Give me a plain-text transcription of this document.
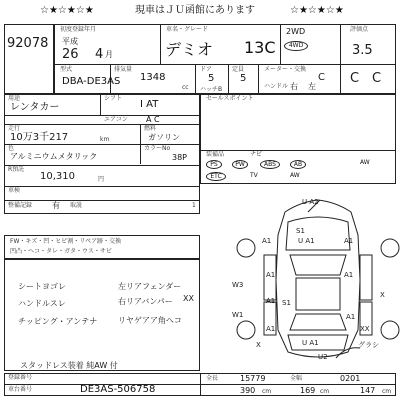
☆★☆★☆★	現車はＪＵ函館にあります	☆★☆★☆★
92078
初度登録年月
平成
26 4 月
車名・グレード
デミオ 13C
2WD
4WD
評価点
3.5
型式
DBA-DE3AS
排気量
1348
cc
ドア
5
ハッチB
定員
5
メーター・交換
C
ハンドル 右 左
C C
用途
レンタカー
シフト
I AT
エアコン A C
走行
10万3千217	km
燃料
ガソリン
色
アルミニウムメタリック
カラーNo
38P
R預託
10,310	円
車検
整備記録 有 取説	1
セールスポイント
装備品	ナビ
AW
PS	PW	ABS	AB
ETC	TV	AW
FW・キズ・凹・ヒビ割・リペア跡・交換
凹凸・ヘコ・タレ・ガタ・ウス・サビ
シートヨゴレ	左リアフェンダー
ハンドルスレ	右リアバンパー XX
チッピング・アンテナ	リヤゲアア角ヘコ
スタッドレス装着 純AW 付
登録番号
車台番号	DE3AS-506758
全長	15779	全幅	0201
390 cm	169 cm	147 cm
U A2
U A1
A1	A1
A1
S1
A1
W3
A1 S1
X
W1	A1
XX
A1
X	U A1
U2
グラシ
